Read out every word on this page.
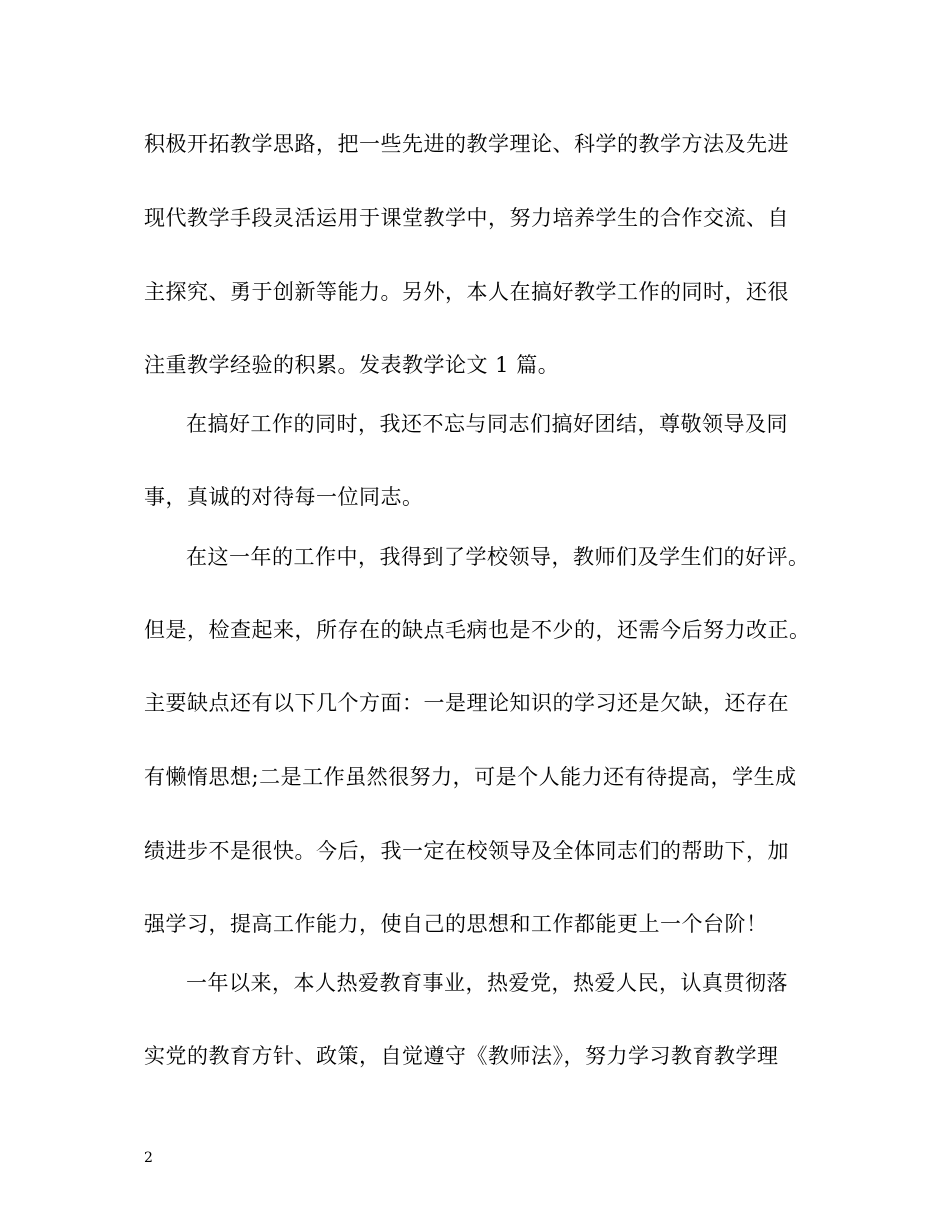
积极开拓教学思路，把一些先进的教学理论、科学的教学方法及先进
现代教学手段灵活运用于课堂教学中，努力培养学生的合作交流、自
主探究、勇于创新等能力。另外，本人在搞好教学工作的同时，还很
注重教学经验的积累。发表教学论文 1 篇。
在搞好工作的同时，我还不忘与同志们搞好团结，尊敬领导及同
事，真诚的对待每一位同志。
在这一年的工作中，我得到了学校领导，教师们及学生们的好评。
但是，检查起来，所存在的缺点毛病也是不少的，还需今后努力改正。
主要缺点还有以下几个方面：一是理论知识的学习还是欠缺，还存在
有懒惰思想;二是工作虽然很努力，可是个人能力还有待提高，学生成
绩进步不是很快。今后，我一定在校领导及全体同志们的帮助下，加
强学习，提高工作能力，使自己的思想和工作都能更上一个台阶！
一年以来，本人热爱教育事业，热爱党，热爱人民，认真贯彻落
实党的教育方针、政策，自觉遵守《教师法》，努力学习教育教学理
2
